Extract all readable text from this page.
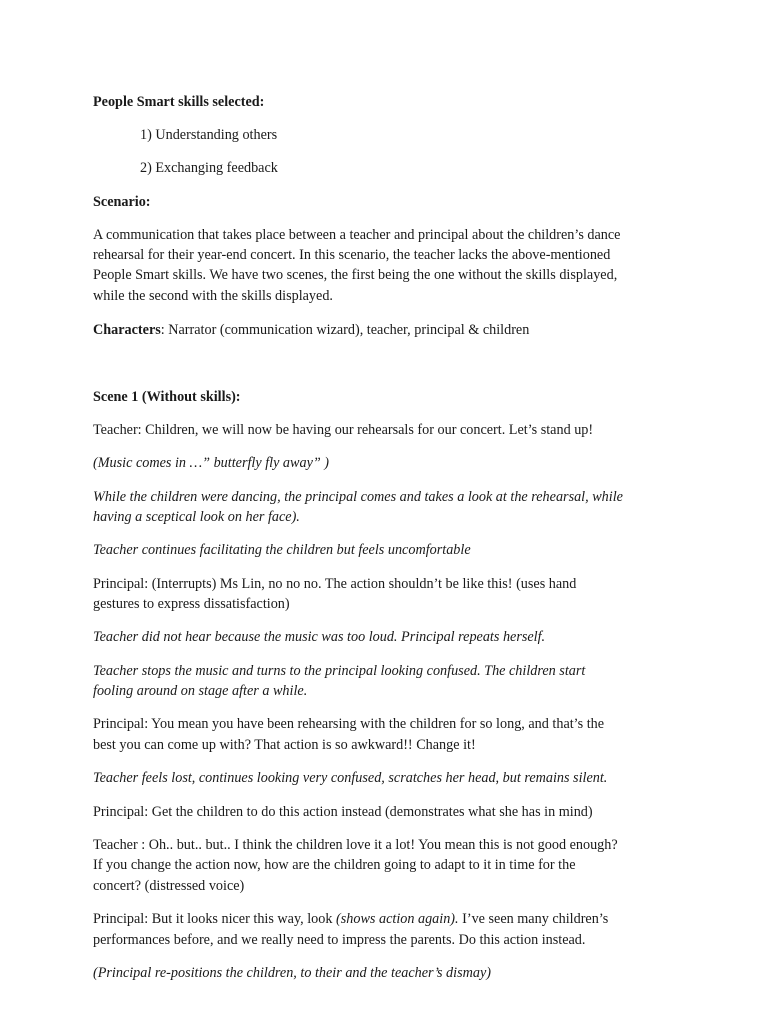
People Smart skills selected:
1) Understanding others
2) Exchanging feedback
Scenario:
A communication that takes place between a teacher and principal about the children’s dance
rehearsal for their year-end concert. In this scenario, the teacher lacks the above-mentioned
People Smart skills. We have two scenes, the first being the one without the skills displayed,
while the second with the skills displayed.
Characters: Narrator (communication wizard), teacher, principal & children
Scene 1 (Without skills):
Teacher: Children, we will now be having our rehearsals for our concert. Let’s stand up!
(Music comes in …” butterfly fly away” )
While the children were dancing, the principal comes and takes a look at the rehearsal, while
having a sceptical look on her face).
Teacher continues facilitating the children but feels uncomfortable
Principal: (Interrupts) Ms Lin, no no no. The action shouldn’t be like this! (uses hand
gestures to express dissatisfaction)
Teacher did not hear because the music was too loud. Principal repeats herself.
Teacher stops the music and turns to the principal looking confused. The children start
fooling around on stage after a while.
Principal: You mean you have been rehearsing with the children for so long, and that’s the
best you can come up with? That action is so awkward!! Change it!
Teacher feels lost, continues looking very confused, scratches her head, but remains silent.
Principal: Get the children to do this action instead (demonstrates what she has in mind)
Teacher : Oh.. but.. but.. I think the children love it a lot! You mean this is not good enough?
If you change the action now, how are the children going to adapt to it in time for the
concert? (distressed voice)
Principal: But it looks nicer this way, look (shows action again). I’ve seen many children’s
performances before, and we really need to impress the parents. Do this action instead.
(Principal re-positions the children, to their and the teacher’s dismay)
